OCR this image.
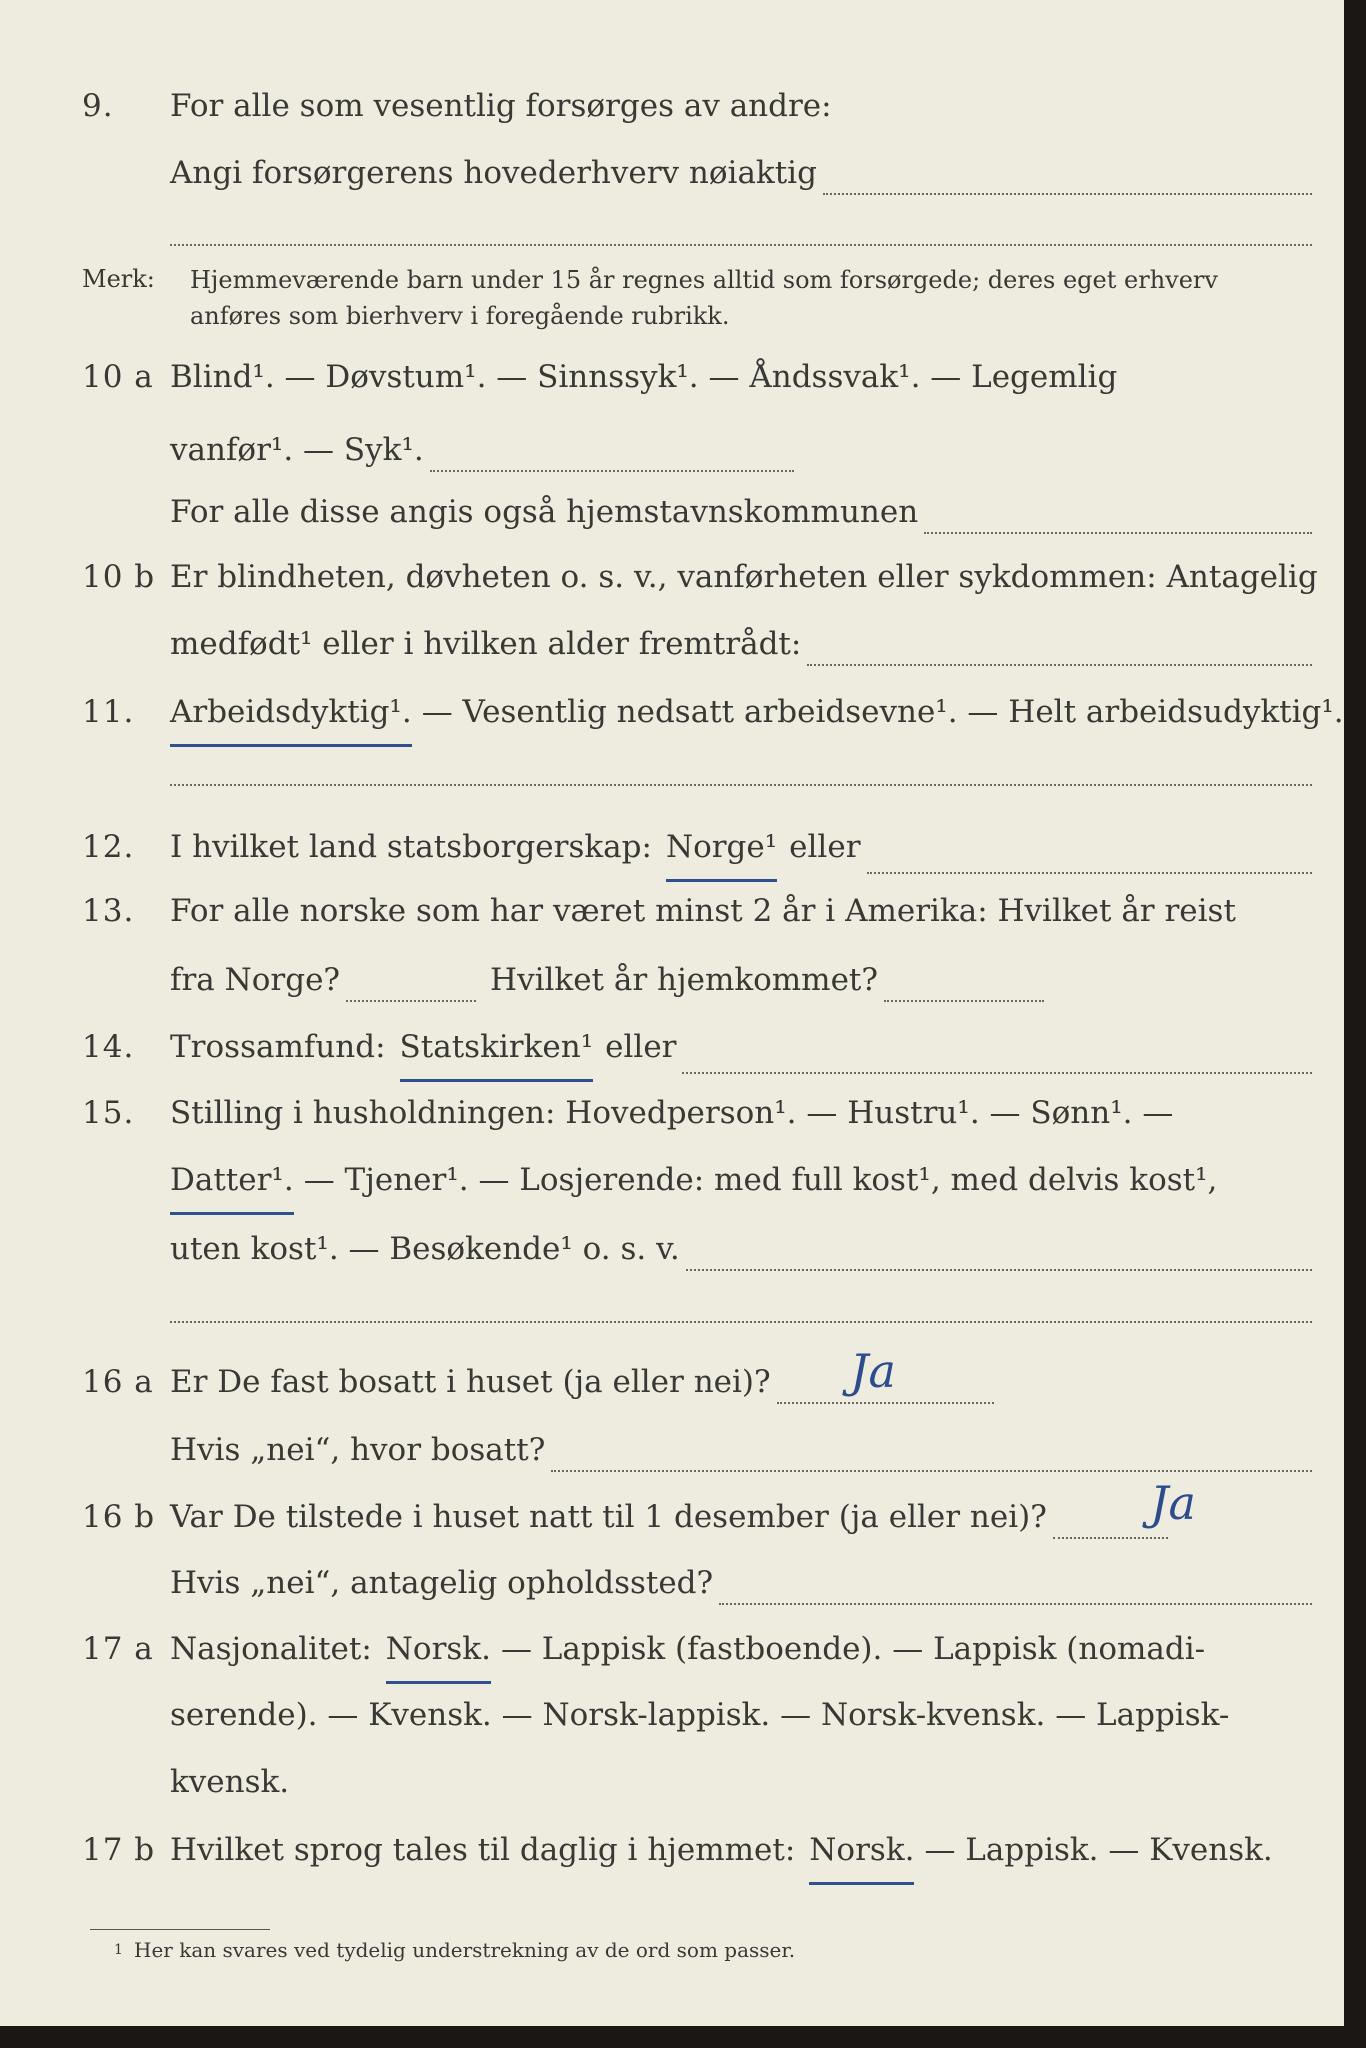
9. For alle som vesentlig forsørges av andre:
Angi forsørgerens hovederhverv nøiaktig
Merk: Hjemmeværende barn under 15 år regnes alltid som forsørgede; deres eget erhverv anføres som bierhverv i foregående rubrikk.
10 a Blind¹. — Døvstum¹. — Sinnssyk¹. — Åndssvak¹. — Legemlig
vanfør¹. — Syk¹.
For alle disse angis også hjemstavnskommunen
10 b Er blindheten, døvheten o. s. v., vanførheten eller sykdommen: Antagelig
medfødt¹ eller i hvilken alder fremtrådt:
11. Arbeidsdyktig¹. — Vesentlig nedsatt arbeidsevne¹. — Helt arbeidsudyktig¹.
12. I hvilket land statsborgerskap: Norge¹ eller
13. For alle norske som har været minst 2 år i Amerika: Hvilket år reist
fra Norge?	Hvilket år hjemkommet?
14. Trossamfund: Statskirken¹ eller
15. Stilling i husholdningen: Hovedperson¹. — Hustru¹. — Sønn¹. —
Datter¹. — Tjener¹. — Losjerende: med full kost¹, med delvis kost¹,
uten kost¹. — Besøkende¹ o. s. v.
16 a Er De fast bosatt i huset (ja eller nei)? Ja
Hvis „nei“, hvor bosatt?
16 b Var De tilstede i huset natt til 1 desember (ja eller nei)? Ja
Hvis „nei“, antagelig opholdssted?
17 a Nasjonalitet: Norsk. — Lappisk (fastboende). — Lappisk (nomadi-
serende). — Kvensk. — Norsk-lappisk. — Norsk-kvensk. — Lappisk-
kvensk.
17 b Hvilket sprog tales til daglig i hjemmet: Norsk. — Lappisk. — Kvensk.
1 Her kan svares ved tydelig understrekning av de ord som passer.
